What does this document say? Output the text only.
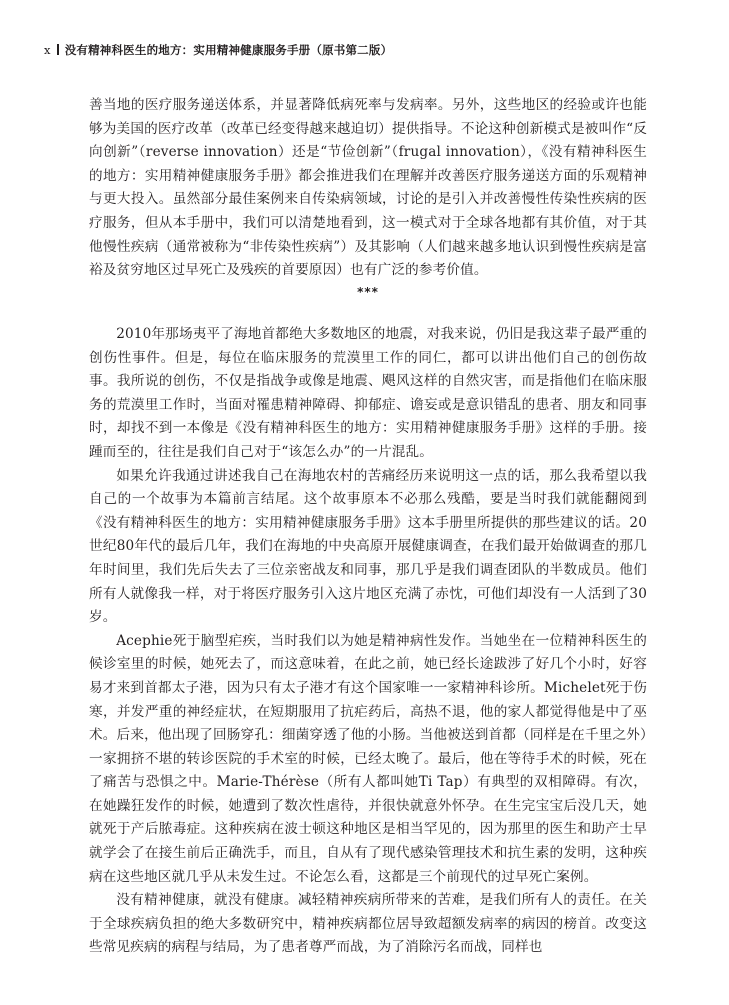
x 没有精神科医生的地方：实用精神健康服务手册（原书第二版）

善当地的医疗服务递送体系，并显著降低病死率与发病率。另外，这些地区的经验或许也能够为美国的医疗改革（改革已经变得越来越迫切）提供指导。不论这种创新模式是被叫作“反向创新”（reverse innovation）还是“节俭创新”（frugal innovation），《没有精神科医生的地方：实用精神健康服务手册》都会推进我们在理解并改善医疗服务递送方面的乐观精神与更大投入。虽然部分最佳案例来自传染病领域，讨论的是引入并改善慢性传染性疾病的医疗服务，但从本手册中，我们可以清楚地看到，这一模式对于全球各地都有其价值，对于其他慢性疾病（通常被称为“非传染性疾病”）及其影响（人们越来越多地认识到慢性疾病是富裕及贫穷地区过早死亡及残疾的首要原因）也有广泛的参考价值。

***

2010年那场夷平了海地首都绝大多数地区的地震，对我来说，仍旧是我这辈子最严重的创伤性事件。但是，每位在临床服务的荒漠里工作的同仁，都可以讲出他们自己的创伤故事。我所说的创伤，不仅是指战争或像是地震、飓风这样的自然灾害，而是指他们在临床服务的荒漠里工作时，当面对罹患精神障碍、抑郁症、谵妄或是意识错乱的患者、朋友和同事时，却找不到一本像是《没有精神科医生的地方：实用精神健康服务手册》这样的手册。接踵而至的，往往是我们自己对于“该怎么办”的一片混乱。

如果允许我通过讲述我自己在海地农村的苦痛经历来说明这一点的话，那么我希望以我自己的一个故事为本篇前言结尾。这个故事原本不必那么残酷，要是当时我们就能翻阅到《没有精神科医生的地方：实用精神健康服务手册》这本手册里所提供的那些建议的话。20世纪80年代的最后几年，我们在海地的中央高原开展健康调查，在我们最开始做调查的那几年时间里，我们先后失去了三位亲密战友和同事，那几乎是我们调查团队的半数成员。他们所有人就像我一样，对于将医疗服务引入这片地区充满了赤忱，可他们却没有一人活到了30岁。

Acephie死于脑型疟疾，当时我们以为她是精神病性发作。当她坐在一位精神科医生的候诊室里的时候，她死去了，而这意味着，在此之前，她已经长途跋涉了好几个小时，好容易才来到首都太子港，因为只有太子港才有这个国家唯一一家精神科诊所。Michelet死于伤寒，并发严重的神经症状，在短期服用了抗疟药后，高热不退，他的家人都觉得他是中了巫术。后来，他出现了回肠穿孔：细菌穿透了他的小肠。当他被送到首都（同样是在千里之外）一家拥挤不堪的转诊医院的手术室的时候，已经太晚了。最后，他在等待手术的时候，死在了痛苦与恐惧之中。Marie-Thérèse（所有人都叫她Ti Tap）有典型的双相障碍。有次，在她躁狂发作的时候，她遭到了数次性虐待，并很快就意外怀孕。在生完宝宝后没几天，她就死于产后脓毒症。这种疾病在波士顿这种地区是相当罕见的，因为那里的医生和助产士早就学会了在接生前后正确洗手，而且，自从有了现代感染管理技术和抗生素的发明，这种疾病在这些地区就几乎从未发生过。不论怎么看，这都是三个前现代的过早死亡案例。

没有精神健康，就没有健康。减轻精神疾病所带来的苦难，是我们所有人的责任。在关于全球疾病负担的绝大多数研究中，精神疾病都位居导致超额发病率的病因的榜首。改变这些常见疾病的病程与结局，为了患者尊严而战，为了消除污名而战，同样也
